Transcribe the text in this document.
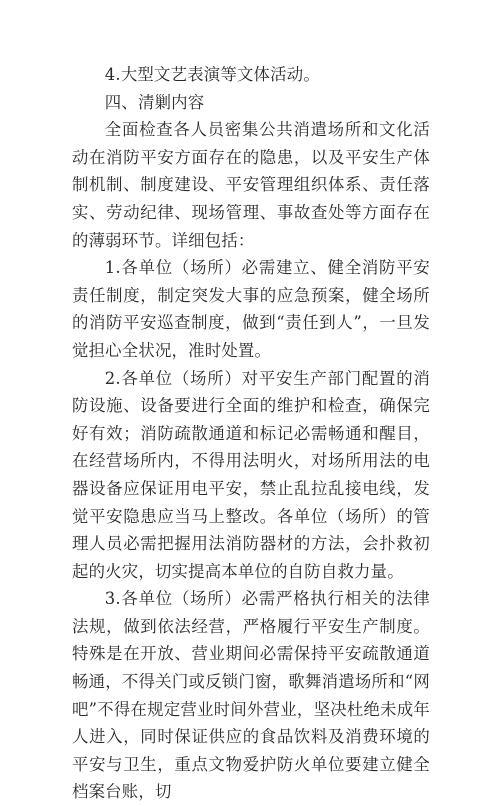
4.大型文艺表演等文体活动。

四、清剿内容

全面检查各人员密集公共消遣场所和文化活动在消防平安方面存在的隐患，以及平安生产体制机制、制度建设、平安管理组织体系、责任落实、劳动纪律、现场管理、事故查处等方面存在的薄弱环节。详细包括：

1.各单位（场所）必需建立、健全消防平安责任制度，制定突发大事的应急预案，健全场所的消防平安巡查制度，做到“责任到人”，一旦发觉担心全状况，准时处置。

2.各单位（场所）对平安生产部门配置的消防设施、设备要进行全面的维护和检查，确保完好有效；消防疏散通道和标记必需畅通和醒目，在经营场所内，不得用法明火，对场所用法的电器设备应保证用电平安，禁止乱拉乱接电线，发觉平安隐患应当马上整改。各单位（场所）的管理人员必需把握用法消防器材的方法，会扑救初起的火灾，切实提高本单位的自防自救力量。

3.各单位（场所）必需严格执行相关的法律法规，做到依法经营，严格履行平安生产制度。特殊是在开放、营业期间必需保持平安疏散通道畅通，不得关门或反锁门窗，歌舞消遣场所和“网吧”不得在规定营业时间外营业，坚决杜绝未成年人进入，同时保证供应的食品饮料及消费环境的平安与卫生，重点文物爱护防火单位要建立健全档案台账，切
